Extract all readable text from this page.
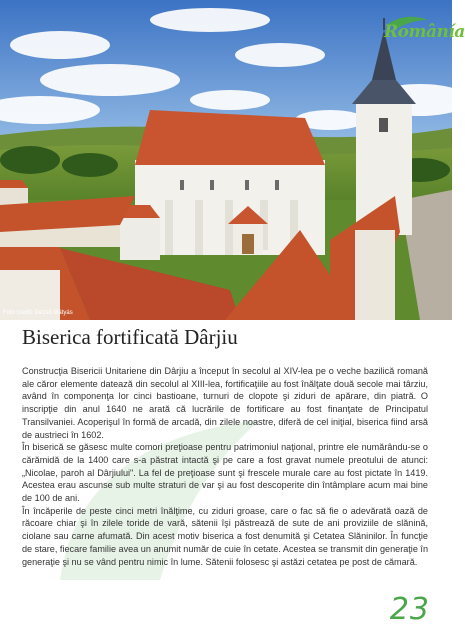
Foto credit: Dezső Mátyás
Românía
Biserica fortificată Dârjiu

Construcţia Bisericii Unitariene din Dârjiu a început în secolul al XIV-lea pe o veche bazilică romană ale căror elemente datează din secolul al XIII-lea, fortificaţiile au fost înălţate două secole mai târziu, având în componenţa lor cinci bastioane, turnuri de clopote şi ziduri de apărare, din piatră. O inscripţie din anul 1640 ne arată că lucrările de fortificare au fost finanţate de Principatul Transilvaniei. Acoperişul în formă de arcadă, din zilele noastre, diferă de cel iniţial, biserica fiind arsă de austrieci în 1602.

În biserică se găsesc multe comori preţioase pentru patrimoniul naţional, printre ele numărându-se o cărămidă de la 1400 care s-a păstrat intactă şi pe care a fost gravat numele preotului de atunci: „Nicolae, paroh al Dârjiului". La fel de preţioase sunt şi frescele murale care au fost pictate în 1419. Acestea erau ascunse sub multe straturi de var şi au fost descoperite din întâmplare acum mai bine de 100 de ani.

În încăperile de peste cinci metri înălţime, cu ziduri groase, care o fac să fie o adevărată oază de răcoare chiar şi în zilele toride de vară, sătenii îşi păstrează de sute de ani proviziile de slănină, ciolane sau carne afumată. Din acest motiv biserica a fost denumită şi Cetatea Slăninilor. În funcţie de stare, fiecare familie avea un anumit număr de cuie în cetate. Acestea se transmit din generaţie în generaţie şi nu se vând pentru nimic în lume. Sătenii folosesc şi astăzi cetatea pe post de cămară.

23
